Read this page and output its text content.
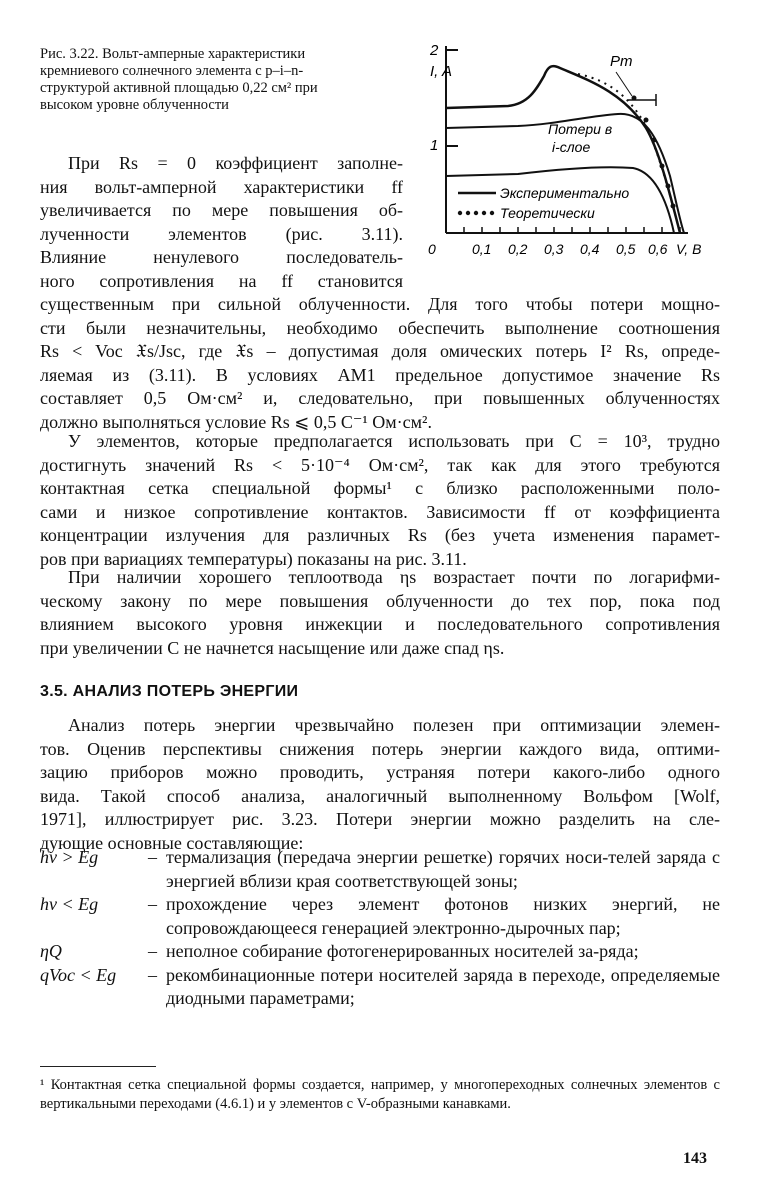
Рис. 3.22. Вольт-амперные характеристики
кремниевого солнечного элемента с p–i–n-
структурой активной площадью 0,22 см² при
высоком уровне облученности
2
1
I, A
0	0,1 0,2 0,3 0,4 0,5 0,6 V, В
Pm
Потери в
i-слое
Экспериментально
Теоретически
При Rs = 0 коэффициент заполне-
ния вольт-амперной характеристики ff
увеличивается по мере повышения об-
лученности элементов (рис. 3.11).
Влияние ненулевого последователь-
ного сопротивления на ff становится
существенным при сильной облученности. Для того чтобы потери мощно-
сти были незначительны, необходимо обеспечить выполнение соотношения
Rs < Voc 𝔛s/Jsc, где 𝔛s – допустимая доля омических потерь I² Rs, опреде-
ляемая из (3.11). В условиях AM1 предельное допустимое значение Rs
составляет 0,5 Ом·см² и, следовательно, при повышенных облученностях
должно выполняться условие Rs ⩽ 0,5 C⁻¹ Ом·см².
У элементов, которые предполагается использовать при C = 10³, трудно
достигнуть значений Rs < 5·10⁻⁴ Ом·см², так как для этого требуются
контактная сетка специальной формы¹ с близко расположенными поло-
сами и низкое сопротивление контактов. Зависимости ff от коэффициента
концентрации излучения для различных Rs (без учета изменения парамет-
ров при вариациях температуры) показаны на рис. 3.11.
При наличии хорошего теплоотвода ηs возрастает почти по логарифми-
ческому закону по мере повышения облученности до тех пор, пока под
влиянием высокого уровня инжекции и последовательного сопротивления
при увеличении C не начнется насыщение или даже спад ηs.
3.5. АНАЛИЗ ПОТЕРЬ ЭНЕРГИИ
Анализ потерь энергии чрезвычайно полезен при оптимизации элемен-
тов. Оценив перспективы снижения потерь энергии каждого вида, оптими-
зацию приборов можно проводить, устраняя потери какого-либо одного
вида. Такой способ анализа, аналогичный выполненному Вольфом [Wolf,
1971], иллюстрирует рис. 3.23. Потери энергии можно разделить на сле-
дующие основные составляющие:
hν > Eg	– термализация (передача энергии решетке) горячих носи-телей заряда с энергией вблизи края соответствующей зоны;
hν < Eg	– прохождение через элемент фотонов низких энергий, не сопровождающееся генерацией электронно-дырочных пар;
ηQ	– неполное собирание фотогенерированных носителей за-ряда;
qVoc < Eg	– рекомбинационные потери носителей заряда в переходе, определяемые диодными параметрами;
¹ Контактная сетка специальной формы создается, например, у многопереходных солнечных элементов с вертикальными переходами (4.6.1) и у элементов с V-образными канавками.
143
